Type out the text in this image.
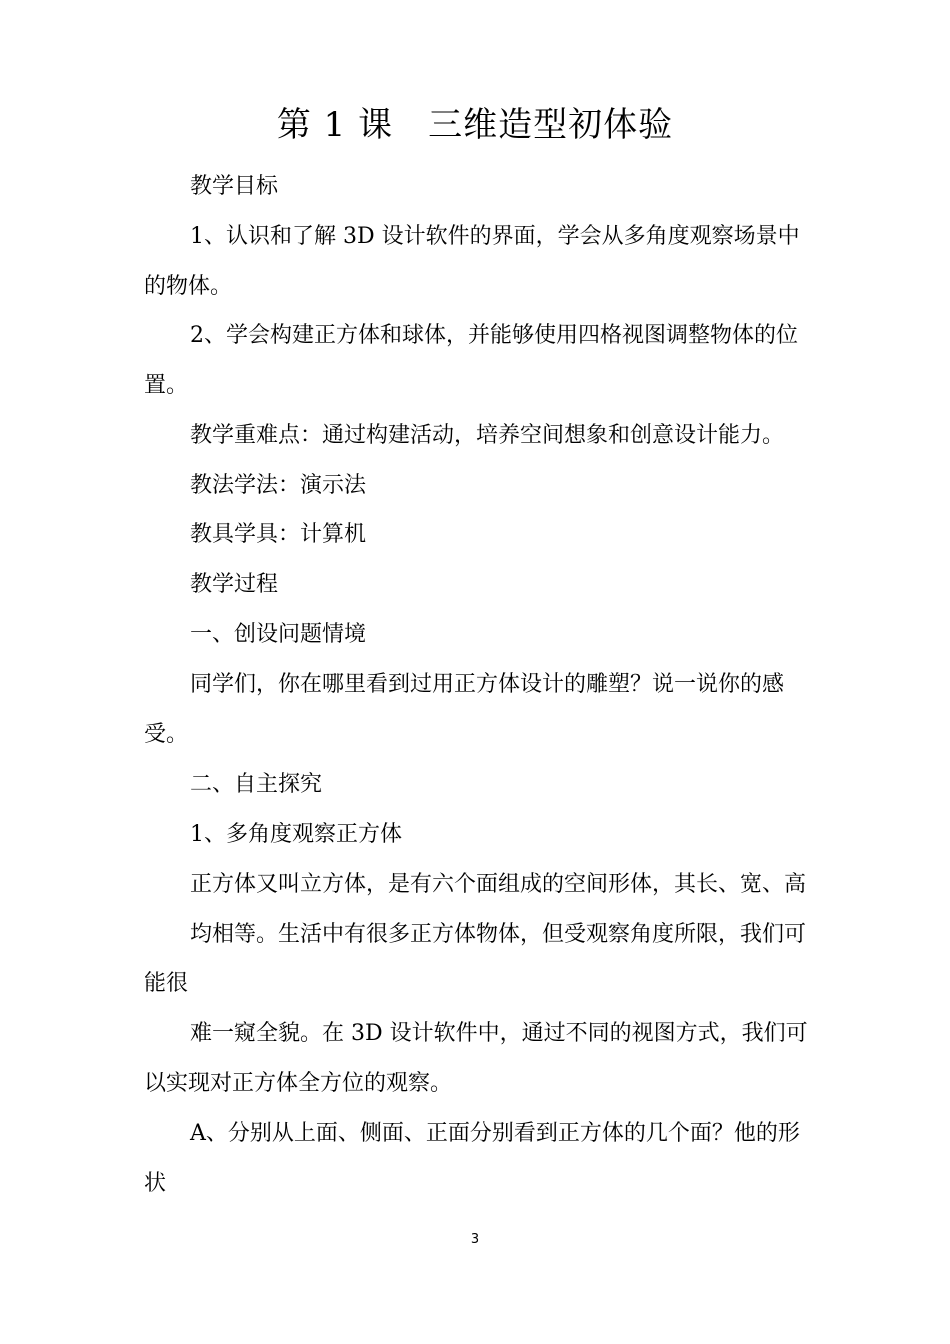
第 1 课　三维造型初体验

教学目标

1、认识和了解 3D 设计软件的界面，学会从多角度观察场景中

的物体。

2、学会构建正方体和球体，并能够使用四格视图调整物体的位

置。

教学重难点：通过构建活动，培养空间想象和创意设计能力。

教法学法：演示法

教具学具：计算机

教学过程

一、创设问题情境

同学们，你在哪里看到过用正方体设计的雕塑？说一说你的感

受。

二、自主探究

1、多角度观察正方体

正方体又叫立方体，是有六个面组成的空间形体，其长、宽、高

均相等。生活中有很多正方体物体，但受观察角度所限，我们可

能很

难一窥全貌。在 3D 设计软件中，通过不同的视图方式，我们可

以实现对正方体全方位的观察。

A、分别从上面、侧面、正面分别看到正方体的几个面？他的形

状

3
